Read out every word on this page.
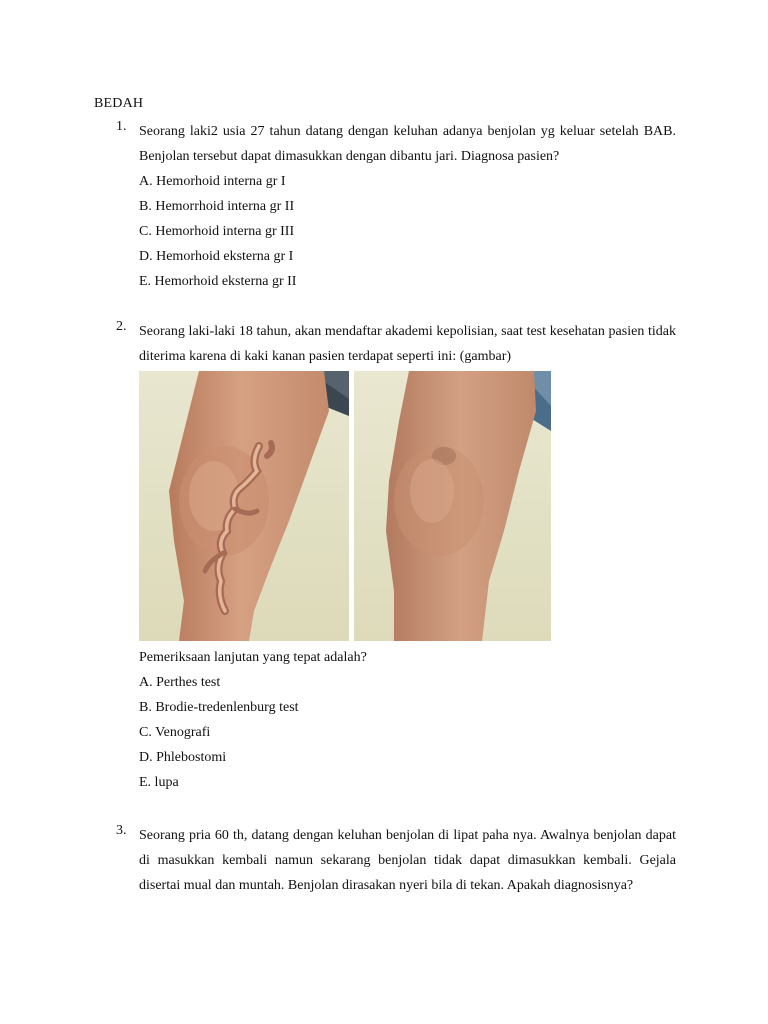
BEDAH
1. Seorang laki2 usia 27 tahun datang dengan keluhan adanya benjolan yg keluar setelah BAB. Benjolan tersebut dapat dimasukkan dengan dibantu jari. Diagnosa pasien?
A. Hemorhoid interna gr I
B. Hemorrhoid interna gr II
C. Hemorhoid interna gr III
D. Hemorhoid eksterna gr I
E. Hemorhoid eksterna gr II
2. Seorang laki-laki 18 tahun, akan mendaftar akademi kepolisian, saat test kesehatan pasien tidak diterima karena di kaki kanan pasien terdapat seperti ini: (gambar)
Pemeriksaan lanjutan yang tepat adalah?
A. Perthes test
B. Brodie-tredenlenburg test
C. Venografi
D. Phlebostomi
E. lupa
3. Seorang pria 60 th, datang dengan keluhan benjolan di lipat paha nya. Awalnya benjolan dapat di masukkan kembali namun sekarang benjolan tidak dapat dimasukkan kembali. Gejala disertai mual dan muntah. Benjolan dirasakan nyeri bila di tekan. Apakah diagnosisnya?
